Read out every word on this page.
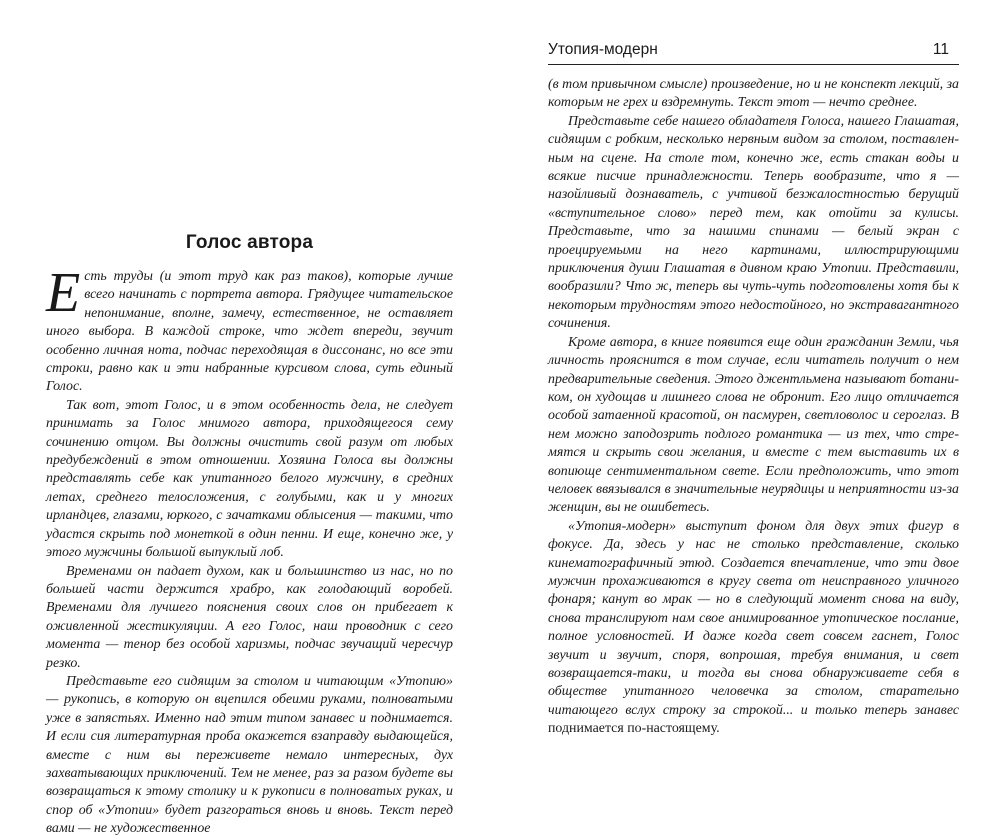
Голос автора

Есть труды (и этот труд как раз таков), которые лучше всего начинать с портрета автора. Грядущее читательское непонимание, вполне, замечу, естественное, не оставляет иного выбора. В каждой строке, что ждет впереди, звучит особенно личная нота, подчас переходящая в диссонанс, но все эти строки, равно как и эти набранные курсивом слова, суть единый Голос.

Так вот, этот Голос, и в этом особенность дела, не следует принимать за Голос мнимого автора, приходящегося сему сочинению отцом. Вы должны очистить свой разум от любых предубеждений в этом отношении. Хозяина Голоса вы должны представлять себе как упитанного белого мужчину, в средних летах, среднего телосложения, с голубыми, как и у многих ирландцев, глазами, юркого, с зачатками облысения — такими, что удастся скрыть под монеткой в один пенни. И еще, конечно же, у этого мужчины большой выпуклый лоб.

Временами он падает духом, как и большинство из нас, но по большей части держится храбро, как голодающий воробей. Временами для лучшего пояснения своих слов он прибегает к оживленной жестикуляции. А его Голос, наш проводник с сего момента — тенор без особой харизмы, подчас звучащий чересчур резко.

Представьте его сидящим за столом и читающим «Утопию» — рукопись, в которую он вцепился обеими руками, полноватыми уже в запястьях. Именно над этим типом занавес и поднимается. И если сия литературная проба окажется взаправду выдающейся, вместе с ним вы переживете немало интересных, дух захватывающих приключений. Тем не менее, раз за разом будете вы возвращаться к этому столику и к рукописи в полноватых руках, и спор об «Утопии» будет разгораться вновь и вновь. Текст перед вами — не художественное

Утопия-модерн	11

(в том привычном смысле) произведение, но и не конспект лекций, за которым не грех и вздремнуть. Текст этот — нечто среднее.

Представьте себе нашего обладателя Голоса, нашего Глашатая, сидящим с робким, несколько нервным видом за столом, поставленным на сцене. На столе том, конечно же, есть стакан воды и всякие писчие принадлежности. Теперь вообразите, что я — назойливый дознаватель, с учтивой безжалостностью берущий «вступительное слово» перед тем, как отойти за кулисы. Представьте, что за нашими спинами — белый экран с проецируемыми на него картинами, иллюстрирующими приключения души Глашатая в дивном краю Утопии. Представили, вообразили? Что ж, теперь вы чуть-чуть подготовлены хотя бы к некоторым трудностям этого недостойного, но экстравагантного сочинения.

Кроме автора, в книге появится еще один гражданин Земли, чья личность прояснится в том случае, если читатель получит о нем предварительные сведения. Этого джентльмена называют ботаником, он худощав и лишнего слова не обронит. Его лицо отличается особой затаенной красотой, он пасмурен, светловолос и сероглаз. В нем можно заподозрить подлого романтика — из тех, что стремятся и скрыть свои желания, и вместе с тем выставить их в вопиюще сентиментальном свете. Если предположить, что этот человек ввязывался в значительные неурядицы и неприятности из-за женщин, вы не ошибетесь.

«Утопия-модерн» выступит фоном для двух этих фигур в фокусе. Да, здесь у нас не столько представление, сколько кинематографичный этюд. Создается впечатление, что эти двое мужчин прохаживаются в кругу света от неисправного уличного фонаря; канут во мрак — но в следующий момент снова на виду, снова транслируют нам свое анимированное утопическое послание, полное условностей. И даже когда свет совсем гаснет, Голос звучит и звучит, споря, вопрошая, требуя внимания, и свет возвращается-таки, и тогда вы снова обнаруживаете себя в обществе упитанного человечка за столом, старательно читающего вслух строку за строкой... и только теперь занавес поднимается по-настоящему.
